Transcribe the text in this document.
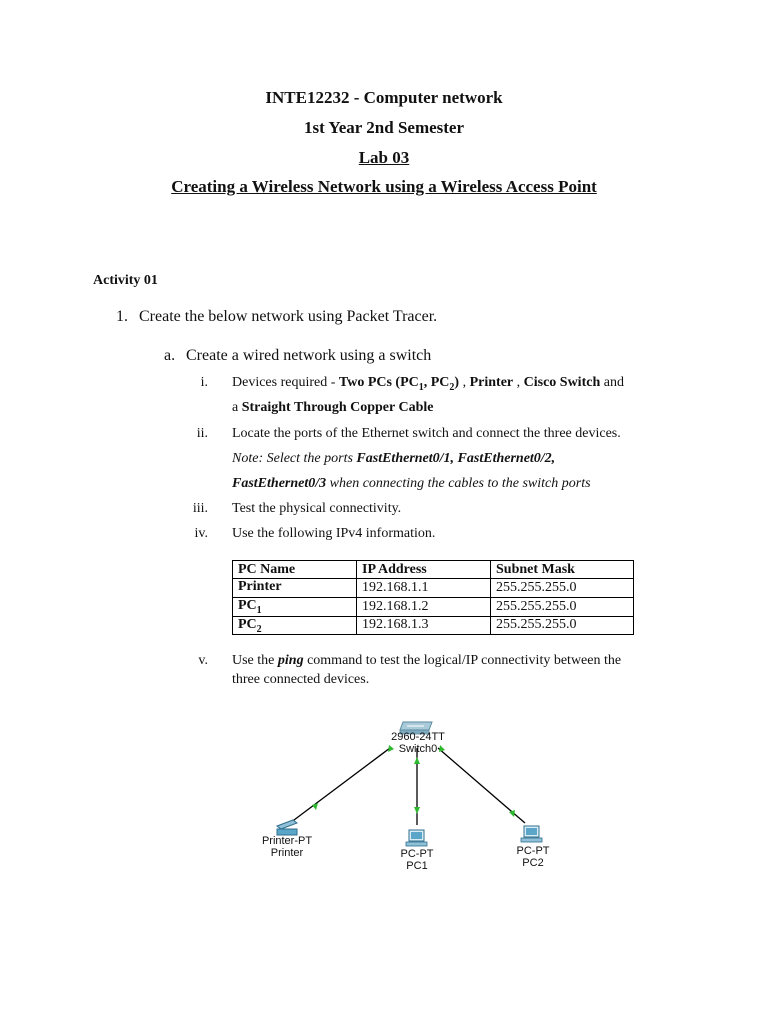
INTE12232 - Computer network
1st Year 2nd Semester
Lab 03
Creating a Wireless Network using a Wireless Access Point
Activity 01
1. Create the below network using Packet Tracer.
a. Create a wired network using a switch
i. Devices required - Two PCs ($PC_1$, $PC_2$) , Printer , Cisco Switch and
a Straight Through Copper Cable
ii. Locate the ports of the Ethernet switch and connect the three devices.
Note: Select the ports FastEthernet0/1, FastEthernet0/2,
FastEthernet0/3 when connecting the cables to the switch ports
iii. Test the physical connectivity.
iv. Use the following IPv4 information.
PC Name	IP Address	Subnet Mask
Printer	192.168.1.1	255.255.255.0
$PC_1$	192.168.1.2	255.255.255.0
$PC_2$	192.168.1.3	255.255.255.0
v. Use the ping command to test the logical/IP connectivity between the
three connected devices.
2960-24TT
Switch0
Printer-PT
Printer	PC-PT
PC1
PC-PT
PC2
